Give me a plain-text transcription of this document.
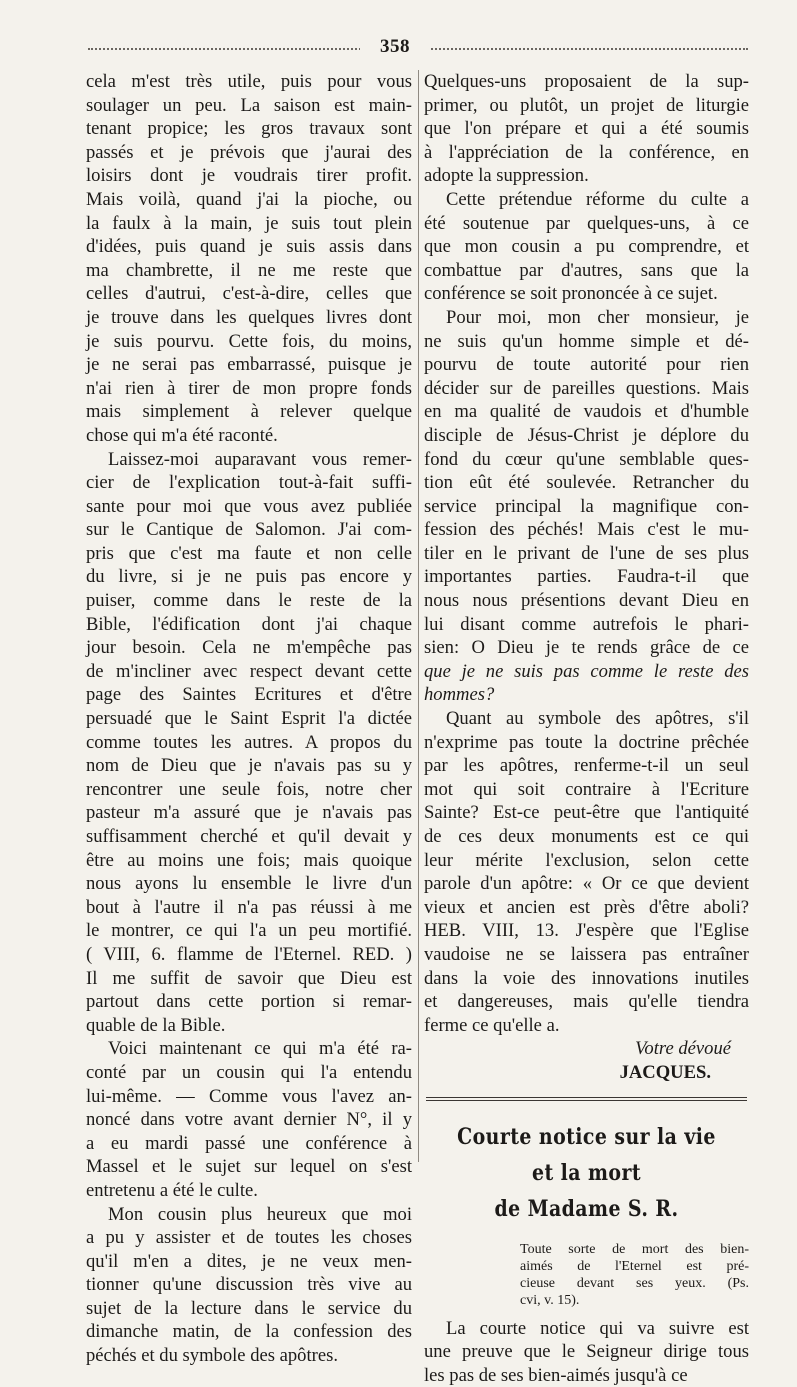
358
cela m'est très utile, puis pour vous
soulager un peu. La saison est main-
tenant propice; les gros travaux sont
passés et je prévois que j'aurai des
loisirs dont je voudrais tirer profit.
Mais voilà, quand j'ai la pioche, ou
la faulx à la main, je suis tout plein
d'idées, puis quand je suis assis dans
ma chambrette, il ne me reste que
celles d'autrui, c'est-à-dire, celles que
je trouve dans les quelques livres dont
je suis pourvu. Cette fois, du moins,
je ne serai pas embarrassé, puisque je
n'ai rien à tirer de mon propre fonds
mais simplement à relever quelque
chose qui m'a été raconté.
Laissez-moi auparavant vous remer-
cier de l'explication tout-à-fait suffi-
sante pour moi que vous avez publiée
sur le Cantique de Salomon. J'ai com-
pris que c'est ma faute et non celle
du livre, si je ne puis pas encore y
puiser, comme dans le reste de la
Bible, l'édification dont j'ai chaque
jour besoin. Cela ne m'empêche pas
de m'incliner avec respect devant cette
page des Saintes Ecritures et d'être
persuadé que le Saint Esprit l'a dictée
comme toutes les autres. A propos du
nom de Dieu que je n'avais pas su y
rencontrer une seule fois, notre cher
pasteur m'a assuré que je n'avais pas
suffisamment cherché et qu'il devait y
être au moins une fois; mais quoique
nous ayons lu ensemble le livre d'un
bout à l'autre il n'a pas réussi à me
le montrer, ce qui l'a un peu mortifié.
( VIII, 6. flamme de l'Eternel. RED. )
Il me suffit de savoir que Dieu est
partout dans cette portion si remar-
quable de la Bible.
Voici maintenant ce qui m'a été ra-
conté par un cousin qui l'a entendu
lui-même. — Comme vous l'avez an-
noncé dans votre avant dernier N°, il y
a eu mardi passé une conférence à
Massel et le sujet sur lequel on s'est
entretenu a été le culte.
Mon cousin plus heureux que moi
a pu y assister et de toutes les choses
qu'il m'en a dites, je ne veux men-
tionner qu'une discussion très vive au
sujet de la lecture dans le service du
dimanche matin, de la confession des
péchés et du symbole des apôtres.
Quelques-uns proposaient de la sup-
primer, ou plutôt, un projet de liturgie
que l'on prépare et qui a été soumis
à l'appréciation de la conférence, en
adopte la suppression.
Cette prétendue réforme du culte a
été soutenue par quelques-uns, à ce
que mon cousin a pu comprendre, et
combattue par d'autres, sans que la
conférence se soit prononcée à ce sujet.
Pour moi, mon cher monsieur, je
ne suis qu'un homme simple et dé-
pourvu de toute autorité pour rien
décider sur de pareilles questions. Mais
en ma qualité de vaudois et d'humble
disciple de Jésus-Christ je déplore du
fond du cœur qu'une semblable ques-
tion eût été soulevée. Retrancher du
service principal la magnifique con-
fession des péchés! Mais c'est le mu-
tiler en le privant de l'une de ses plus
importantes parties. Faudra-t-il que
nous nous présentions devant Dieu en
lui disant comme autrefois le phari-
sien: O Dieu je te rends grâce de ce
que je ne suis pas comme le reste des
hommes?
Quant au symbole des apôtres, s'il
n'exprime pas toute la doctrine prêchée
par les apôtres, renferme-t-il un seul
mot qui soit contraire à l'Ecriture
Sainte? Est-ce peut-être que l'antiquité
de ces deux monuments est ce qui
leur mérite l'exclusion, selon cette
parole d'un apôtre: « Or ce que devient
vieux et ancien est près d'être aboli?
HEB. VIII, 13. J'espère que l'Eglise
vaudoise ne se laissera pas entraîner
dans la voie des innovations inutiles
et dangereuses, mais qu'elle tiendra
ferme ce qu'elle a.
Votre dévoué
JACQUES.
Courte notice sur la vie et la mort
de Madame S. R.
Toute sorte de mort des bien-
aimés de l'Eternel est pré-
cieuse devant ses yeux. (Ps.
cvi, v. 15).
La courte notice qui va suivre est
une preuve que le Seigneur dirige tous
les pas de ses bien-aimés jusqu'à ce
